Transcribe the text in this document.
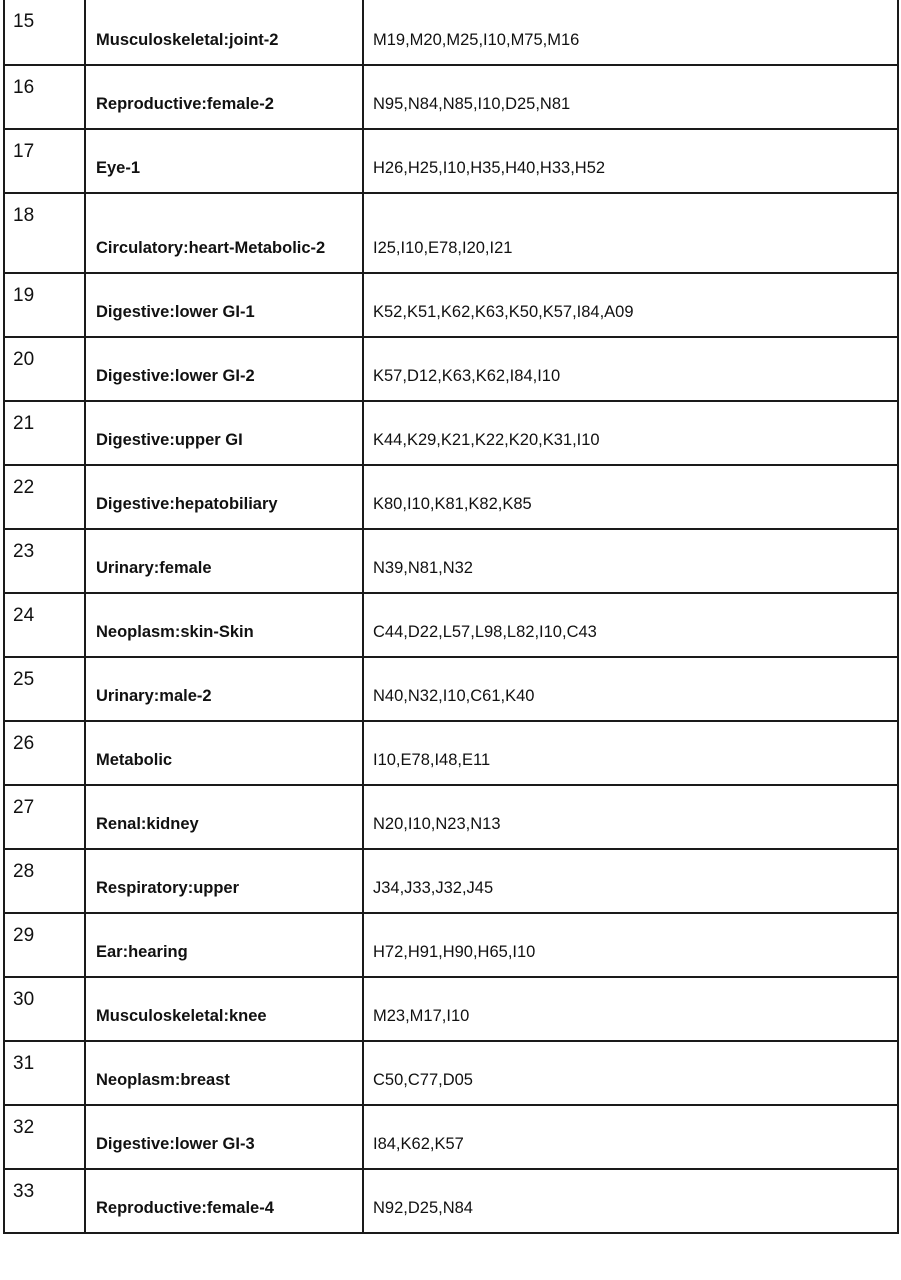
15	Musculoskeletal:joint-2	M19,M20,M25,I10,M75,M16

16	Reproductive:female-2	N95,N84,N85,I10,D25,N81

17	Eye-1	H26,H25,I10,H35,H40,H33,H52

18	Circulatory:heart-Metabolic-2	I25,I10,E78,I20,I21

19	Digestive:lower GI-1	K52,K51,K62,K63,K50,K57,I84,A09

20	Digestive:lower GI-2	K57,D12,K63,K62,I84,I10

21	Digestive:upper GI	K44,K29,K21,K22,K20,K31,I10

22	Digestive:hepatobiliary	K80,I10,K81,K82,K85

23	Urinary:female	N39,N81,N32

24	Neoplasm:skin-Skin	C44,D22,L57,L98,L82,I10,C43

25	Urinary:male-2	N40,N32,I10,C61,K40

26	Metabolic	I10,E78,I48,E11

27	Renal:kidney	N20,I10,N23,N13

28	Respiratory:upper	J34,J33,J32,J45

29	Ear:hearing	H72,H91,H90,H65,I10

30	Musculoskeletal:knee	M23,M17,I10

31	Neoplasm:breast	C50,C77,D05

32	Digestive:lower GI-3	I84,K62,K57

33	Reproductive:female-4	N92,D25,N84
